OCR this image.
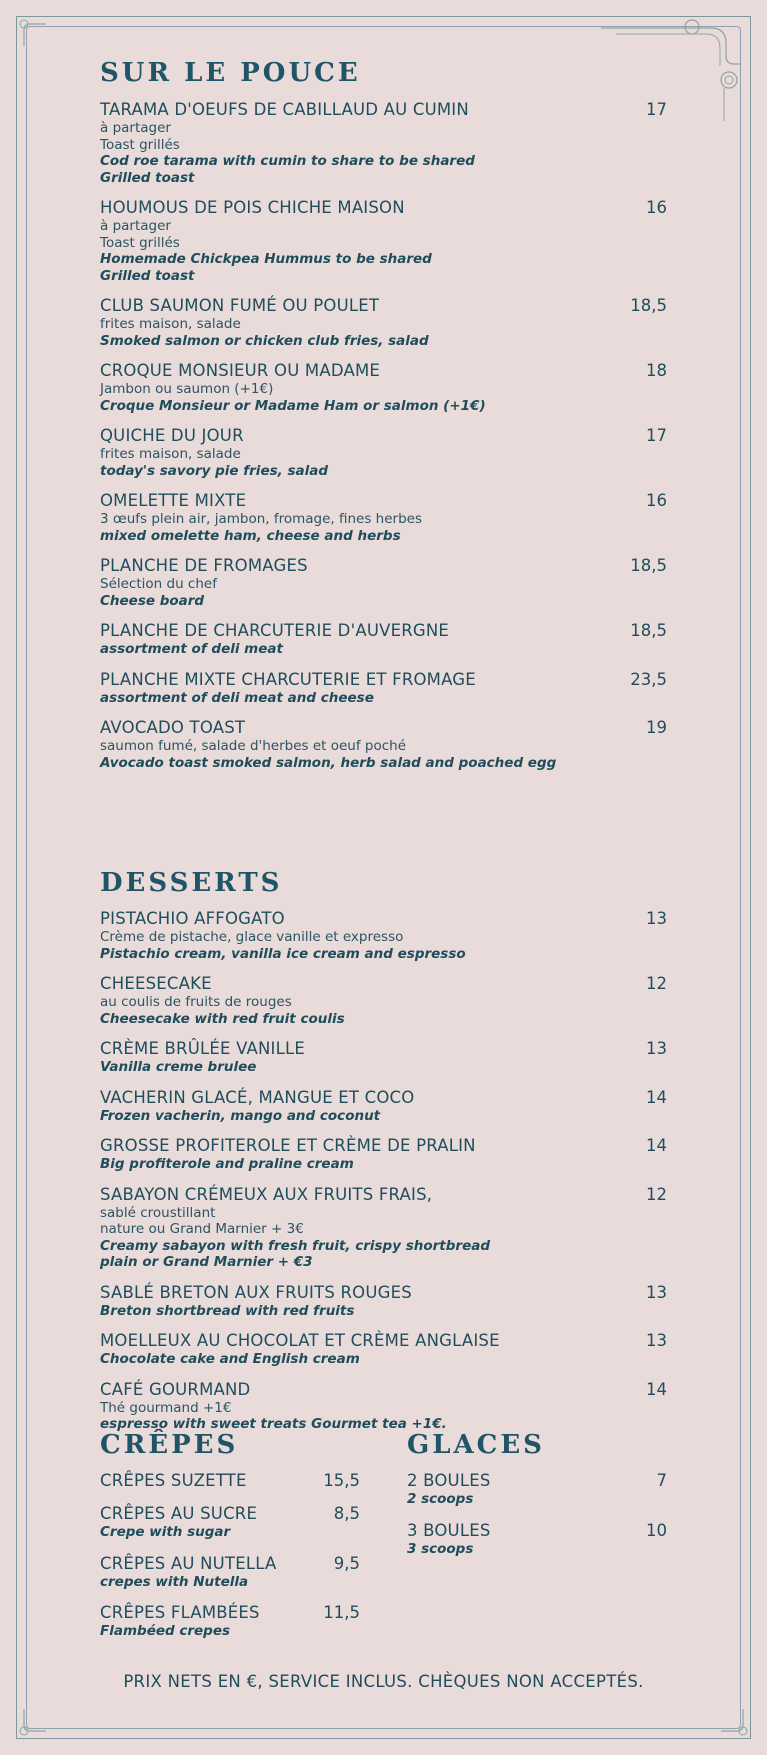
SUR LE POUCE
TARAMA D'OEUFS DE CABILLAUD AU CUMIN	17
à partager
Toast grillés
Cod roe tarama with cumin to share to be shared
Grilled toast
HOUMOUS DE POIS CHICHE MAISON	16
à partager
Toast grillés
Homemade Chickpea Hummus to be shared
Grilled toast
CLUB SAUMON FUMÉ OU POULET	18,5
frites maison, salade
Smoked salmon or chicken club fries, salad
CROQUE MONSIEUR OU MADAME	18
Jambon ou saumon (+1€)
Croque Monsieur or Madame Ham or salmon (+1€)
QUICHE DU JOUR	17
frites maison, salade
today's savory pie fries, salad
OMELETTE MIXTE	16
3 œufs plein air, jambon, fromage, fines herbes
mixed omelette ham, cheese and herbs
PLANCHE DE FROMAGES	18,5
Sélection du chef
Cheese board
PLANCHE DE CHARCUTERIE D'AUVERGNE	18,5
assortment of deli meat
PLANCHE MIXTE CHARCUTERIE ET FROMAGE	23,5
assortment of deli meat and cheese
AVOCADO TOAST	19
saumon fumé, salade d'herbes et oeuf poché
Avocado toast smoked salmon, herb salad and poached egg
DESSERTS
PISTACHIO AFFOGATO	13
Crème de pistache, glace vanille et expresso
Pistachio cream, vanilla ice cream and espresso
CHEESECAKE	12
au coulis de fruits de rouges
Cheesecake with red fruit coulis
CRÈME BRÛLÉE VANILLE	13
Vanilla creme brulee
VACHERIN GLACÉ, MANGUE ET COCO	14
Frozen vacherin, mango and coconut
GROSSE PROFITEROLE ET CRÈME DE PRALIN	14
Big profiterole and praline cream
SABAYON CRÉMEUX AUX FRUITS FRAIS,	12
sablé croustillant
nature ou Grand Marnier + 3€
Creamy sabayon with fresh fruit, crispy shortbread
plain or Grand Marnier + €3
SABLÉ BRETON AUX FRUITS ROUGES	13
Breton shortbread with red fruits
MOELLEUX AU CHOCOLAT ET CRÈME ANGLAISE	13
Chocolate cake and English cream
CAFÉ GOURMAND	14
Thé gourmand +1€
espresso with sweet treats Gourmet tea +1€.
CRÊPES
CRÊPES SUZETTE	15,5
CRÊPES AU SUCRE	8,5
Crepe with sugar
CRÊPES AU NUTELLA	9,5
crepes with Nutella
CRÊPES FLAMBÉES	11,5
Flambéed crepes
GLACES
2 BOULES	7
2 scoops
3 BOULES	10
3 scoops
PRIX NETS EN €, SERVICE INCLUS. CHÈQUES NON ACCEPTÉS.
